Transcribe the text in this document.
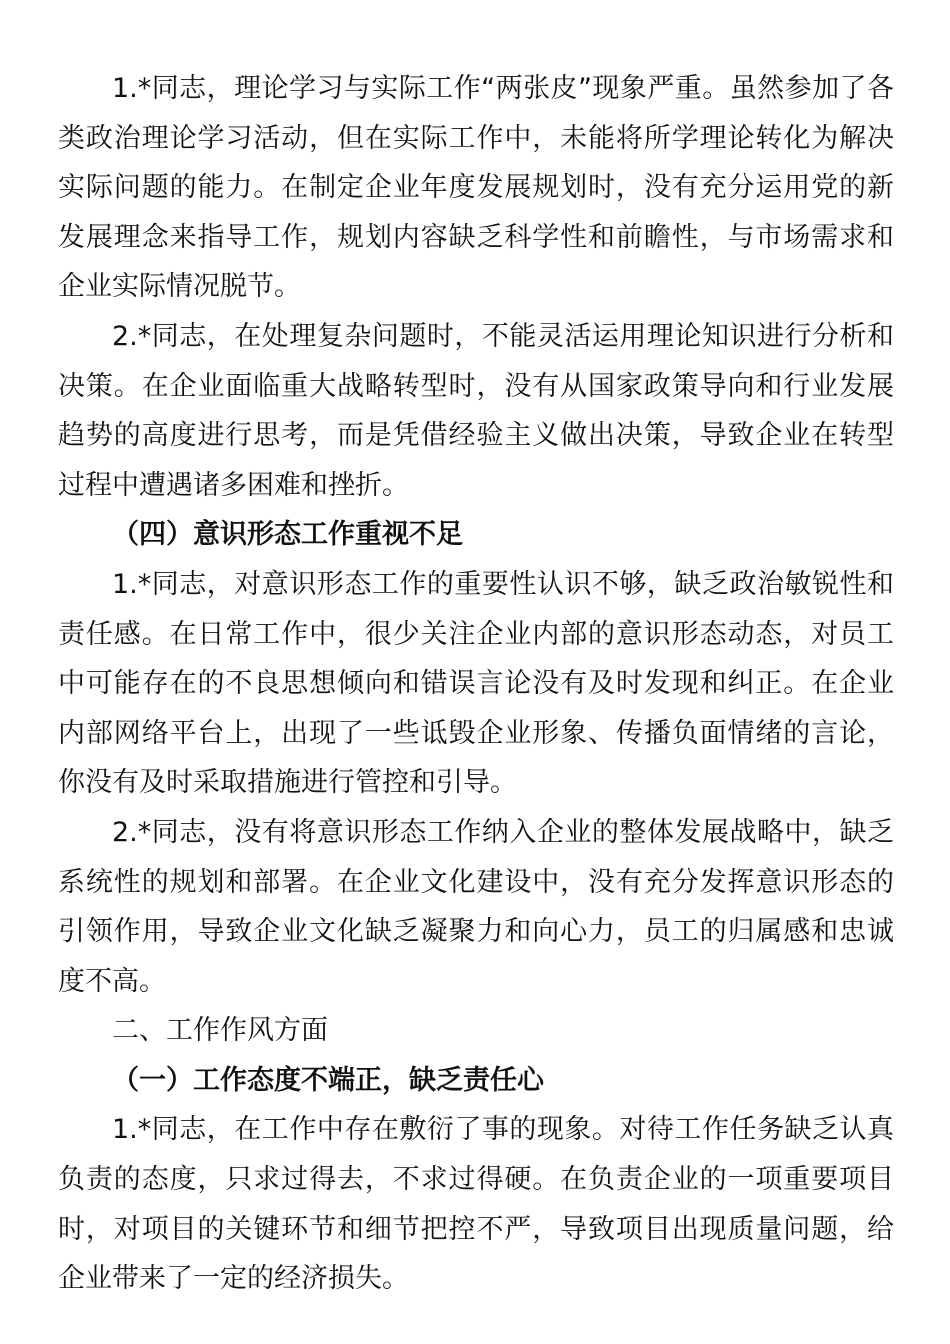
1.*同志，理论学习与实际工作“两张皮”现象严重。虽然参加了各类政治理论学习活动，但在实际工作中，未能将所学理论转化为解决实际问题的能力。在制定企业年度发展规划时，没有充分运用党的新发展理念来指导工作，规划内容缺乏科学性和前瞻性，与市场需求和企业实际情况脱节。

2.*同志，在处理复杂问题时，不能灵活运用理论知识进行分析和决策。在企业面临重大战略转型时，没有从国家政策导向和行业发展趋势的高度进行思考，而是凭借经验主义做出决策，导致企业在转型过程中遭遇诸多困难和挫折。

（四）意识形态工作重视不足

1.*同志，对意识形态工作的重要性认识不够，缺乏政治敏锐性和责任感。在日常工作中，很少关注企业内部的意识形态动态，对员工中可能存在的不良思想倾向和错误言论没有及时发现和纠正。在企业内部网络平台上，出现了一些诋毁企业形象、传播负面情绪的言论，你没有及时采取措施进行管控和引导。

2.*同志，没有将意识形态工作纳入企业的整体发展战略中，缺乏系统性的规划和部署。在企业文化建设中，没有充分发挥意识形态的引领作用，导致企业文化缺乏凝聚力和向心力，员工的归属感和忠诚度不高。

二、工作作风方面

（一）工作态度不端正，缺乏责任心

1.*同志，在工作中存在敷衍了事的现象。对待工作任务缺乏认真负责的态度，只求过得去，不求过得硬。在负责企业的一项重要项目时，对项目的关键环节和细节把控不严，导致项目出现质量问题，给企业带来了一定的经济损失。
